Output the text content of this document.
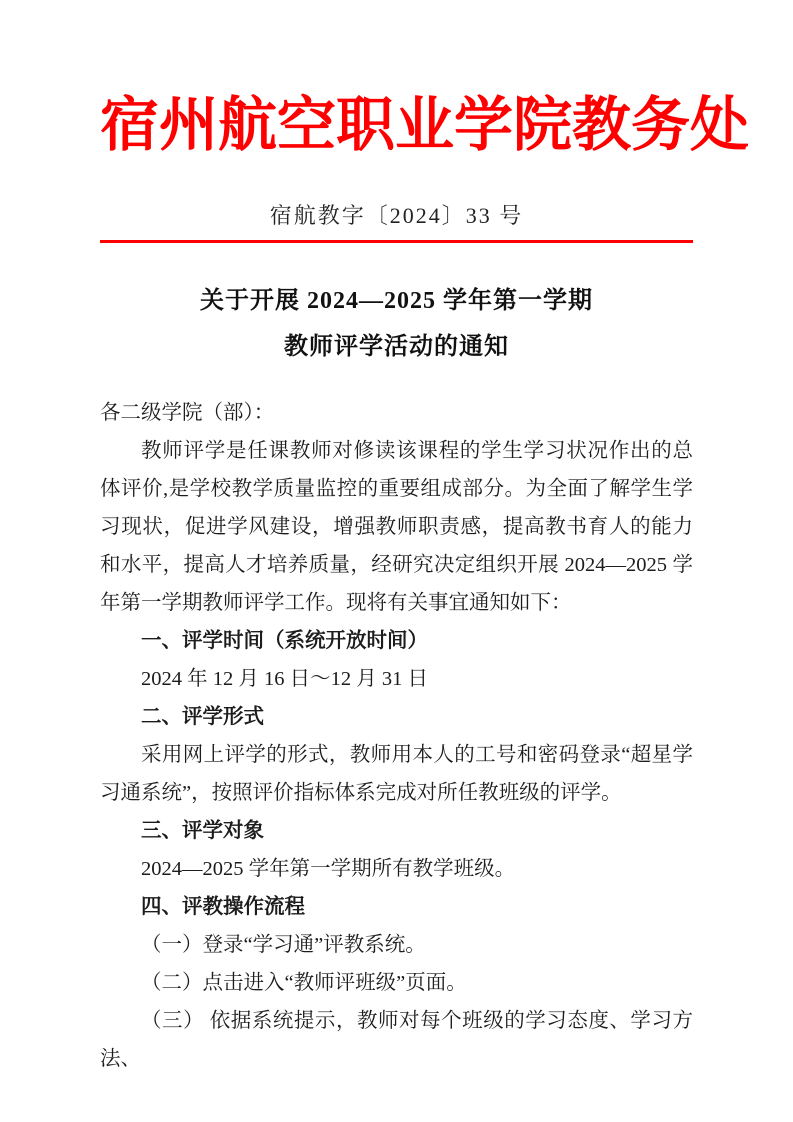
宿州航空职业学院教务处
宿航教字〔2024〕33 号
关于开展 2024—2025 学年第一学期
教师评学活动的通知

各二级学院（部）：

教师评学是任课教师对修读该课程的学生学习状况作出的总体评价,是学校教学质量监控的重要组成部分。为全面了解学生学习现状，促进学风建设，增强教师职责感，提高教书育人的能力和水平，提高人才培养质量，经研究决定组织开展 2024—2025 学年第一学期教师评学工作。现将有关事宜通知如下：

一、评学时间（系统开放时间）

2024 年 12 月 16 日～12 月 31 日

二、评学形式

采用网上评学的形式，教师用本人的工号和密码登录“超星学习通系统”，按照评价指标体系完成对所任教班级的评学。

三、评学对象

2024—2025 学年第一学期所有教学班级。

四、评教操作流程

（一）登录“学习通”评教系统。

（二）点击进入“教师评班级”页面。

（三） 依据系统提示，教师对每个班级的学习态度、学习方法、
